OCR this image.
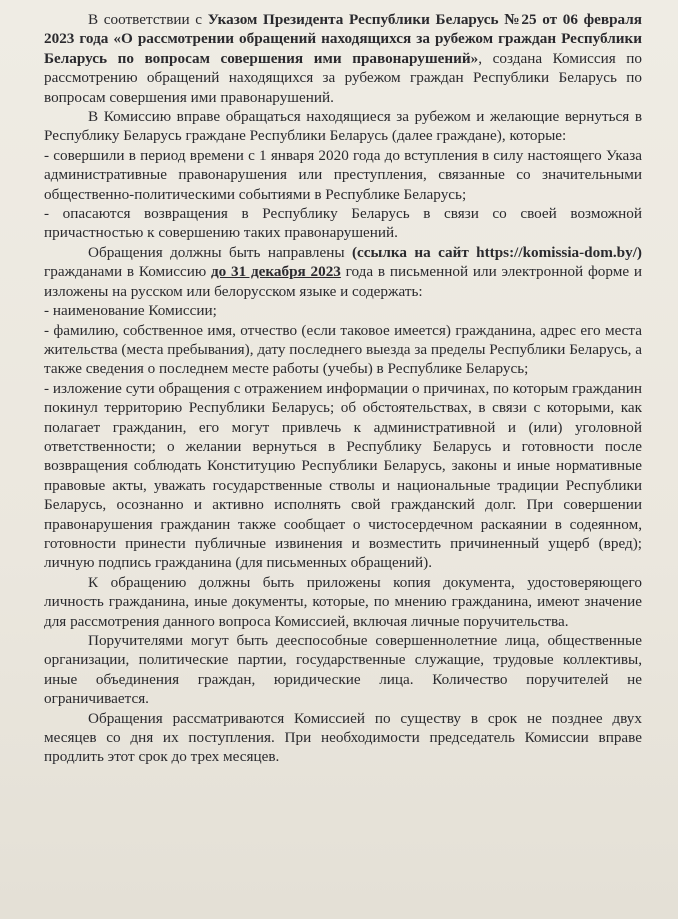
В соответствии с Указом Президента Республики Беларусь №25 от 06 февраля 2023 года «О рассмотрении обращений находящихся за рубежом граждан Республики Беларусь по вопросам совершения ими правонарушений», создана Комиссия по рассмотрению обращений находящихся за рубежом граждан Республики Беларусь по вопросам совершения ими правонарушений.

В Комиссию вправе обращаться находящиеся за рубежом и желающие вернуться в Республику Беларусь граждане Республики Беларусь (далее граждане), которые:

- совершили в период времени с 1 января 2020 года до вступления в силу настоящего Указа административные правонарушения или преступления, связанные со значительными общественно-политическими событиями в Республике Беларусь;

- опасаются возвращения в Республику Беларусь в связи со своей возможной причастностью к совершению таких правонарушений.

Обращения должны быть направлены (ссылка на сайт https://komissia-dom.by/) гражданами в Комиссию до 31 декабря 2023 года в письменной или электронной форме и изложены на русском или белорусском языке и содержать:

- наименование Комиссии;

- фамилию, собственное имя, отчество (если таковое имеется) гражданина, адрес его места жительства (места пребывания), дату последнего выезда за пределы Республики Беларусь, а также сведения о последнем месте работы (учебы) в Республике Беларусь;

- изложение сути обращения с отражением информации о причинах, по которым гражданин покинул территорию Республики Беларусь; об обстоятельствах, в связи с которыми, как полагает гражданин, его могут привлечь к административной и (или) уголовной ответственности; о желании вернуться в Республику Беларусь и готовности после возвращения соблюдать Конституцию Республики Беларусь, законы и иные нормативные правовые акты, уважать государственные стволы и национальные традиции Республики Беларусь, осознанно и активно исполнять свой гражданский долг. При совершении правонарушения гражданин также сообщает о чистосердечном раскаянии в содеянном, готовности принести публичные извинения и возместить причиненный ущерб (вред); личную подпись гражданина (для письменных обращений).

К обращению должны быть приложены копия документа, удостоверяющего личность гражданина, иные документы, которые, по мнению гражданина, имеют значение для рассмотрения данного вопроса Комиссией, включая личные поручительства.

Поручителями могут быть дееспособные совершеннолетние лица, общественные организации, политические партии, государственные служащие, трудовые коллективы, иные объединения граждан, юридические лица. Количество поручителей не ограничивается.

Обращения рассматриваются Комиссией по существу в срок не позднее двух месяцев со дня их поступления. При необходимости председатель Комиссии вправе продлить этот срок до трех месяцев.
